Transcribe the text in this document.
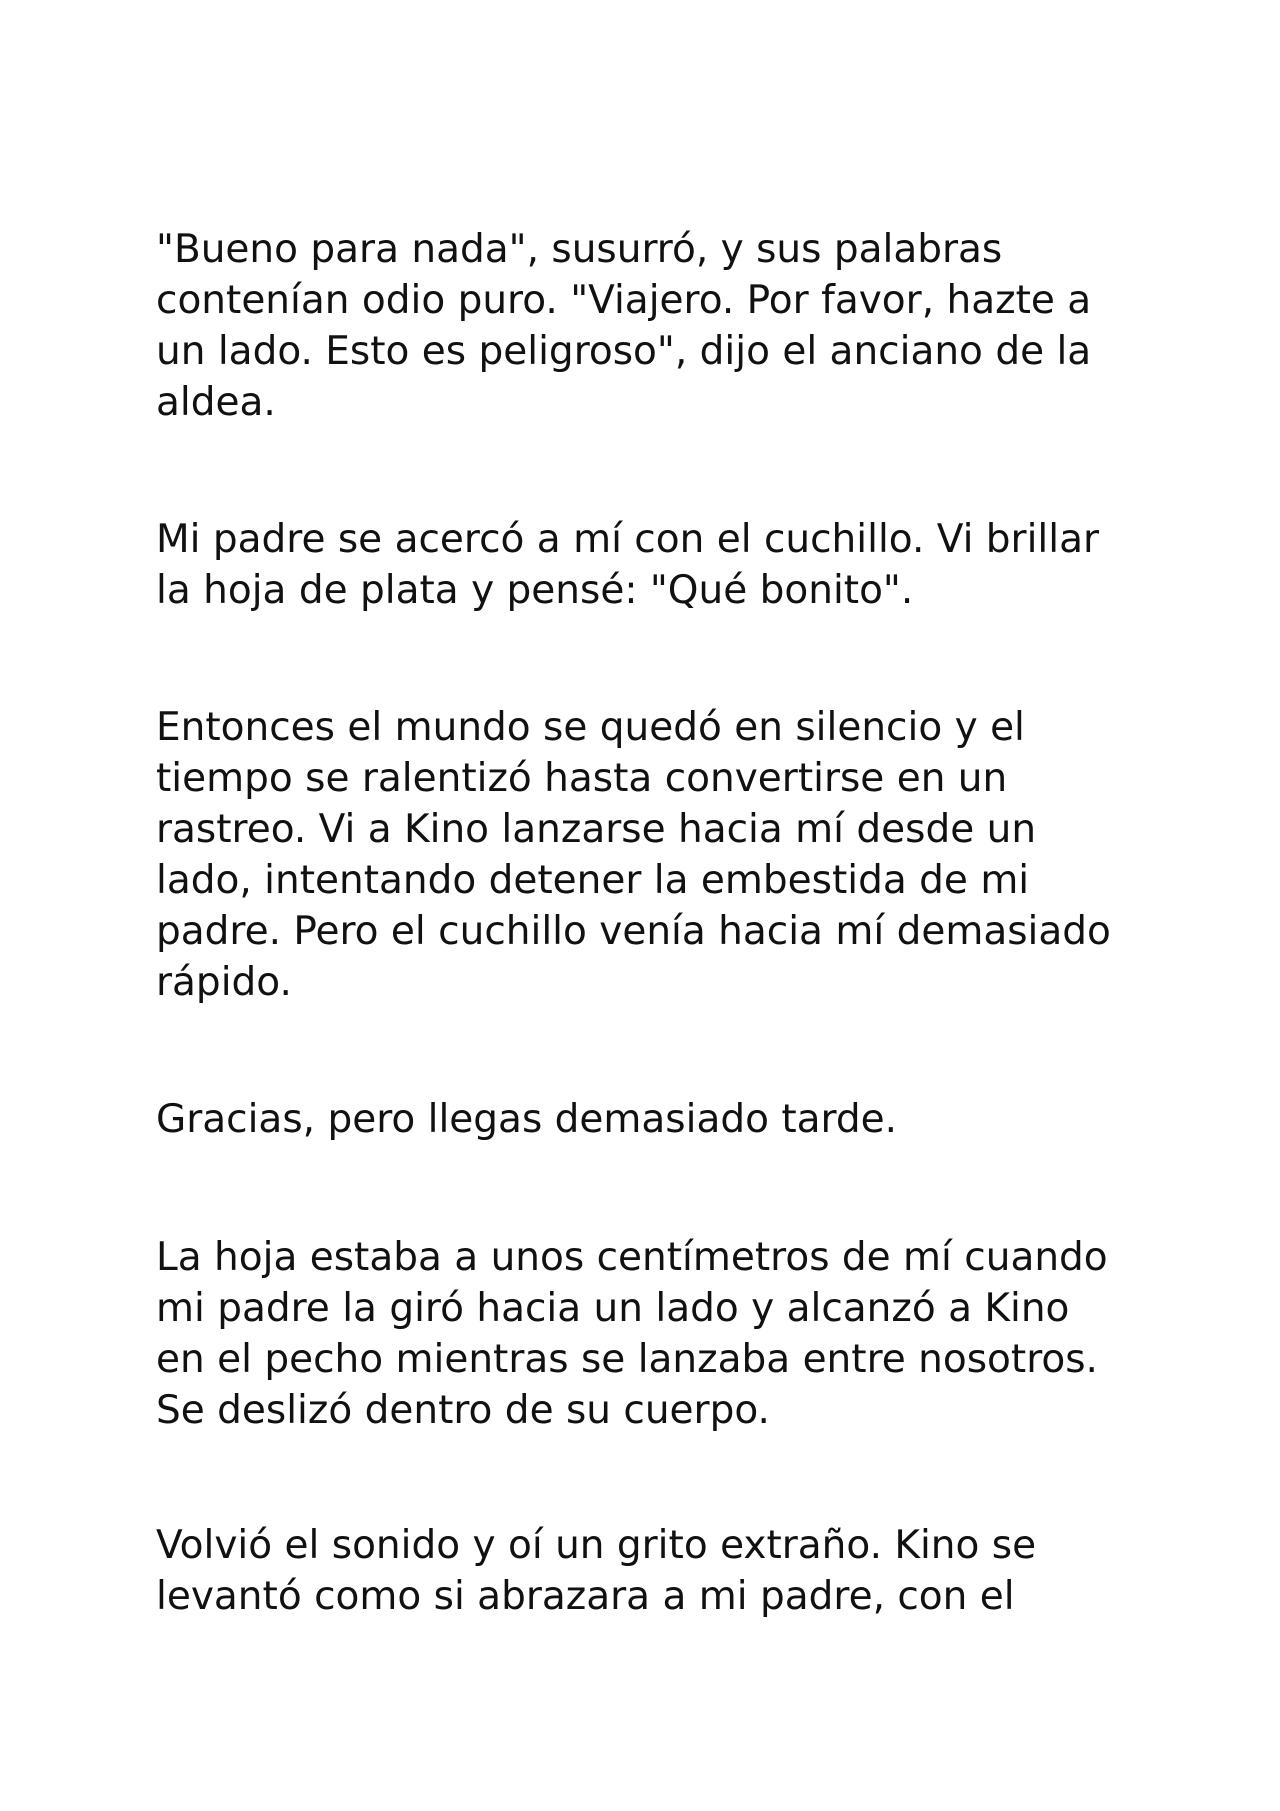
"Bueno para nada", susurró, y sus palabras
contenían odio puro. "Viajero. Por favor, hazte a
un lado. Esto es peligroso", dijo el anciano de la
aldea.

Mi padre se acercó a mí con el cuchillo. Vi brillar
la hoja de plata y pensé: "Qué bonito".

Entonces el mundo se quedó en silencio y el
tiempo se ralentizó hasta convertirse en un
rastreo. Vi a Kino lanzarse hacia mí desde un
lado, intentando detener la embestida de mi
padre. Pero el cuchillo venía hacia mí demasiado
rápido.

Gracias, pero llegas demasiado tarde.

La hoja estaba a unos centímetros de mí cuando
mi padre la giró hacia un lado y alcanzó a Kino
en el pecho mientras se lanzaba entre nosotros.
Se deslizó dentro de su cuerpo.

Volvió el sonido y oí un grito extraño. Kino se
levantó como si abrazara a mi padre, con el
